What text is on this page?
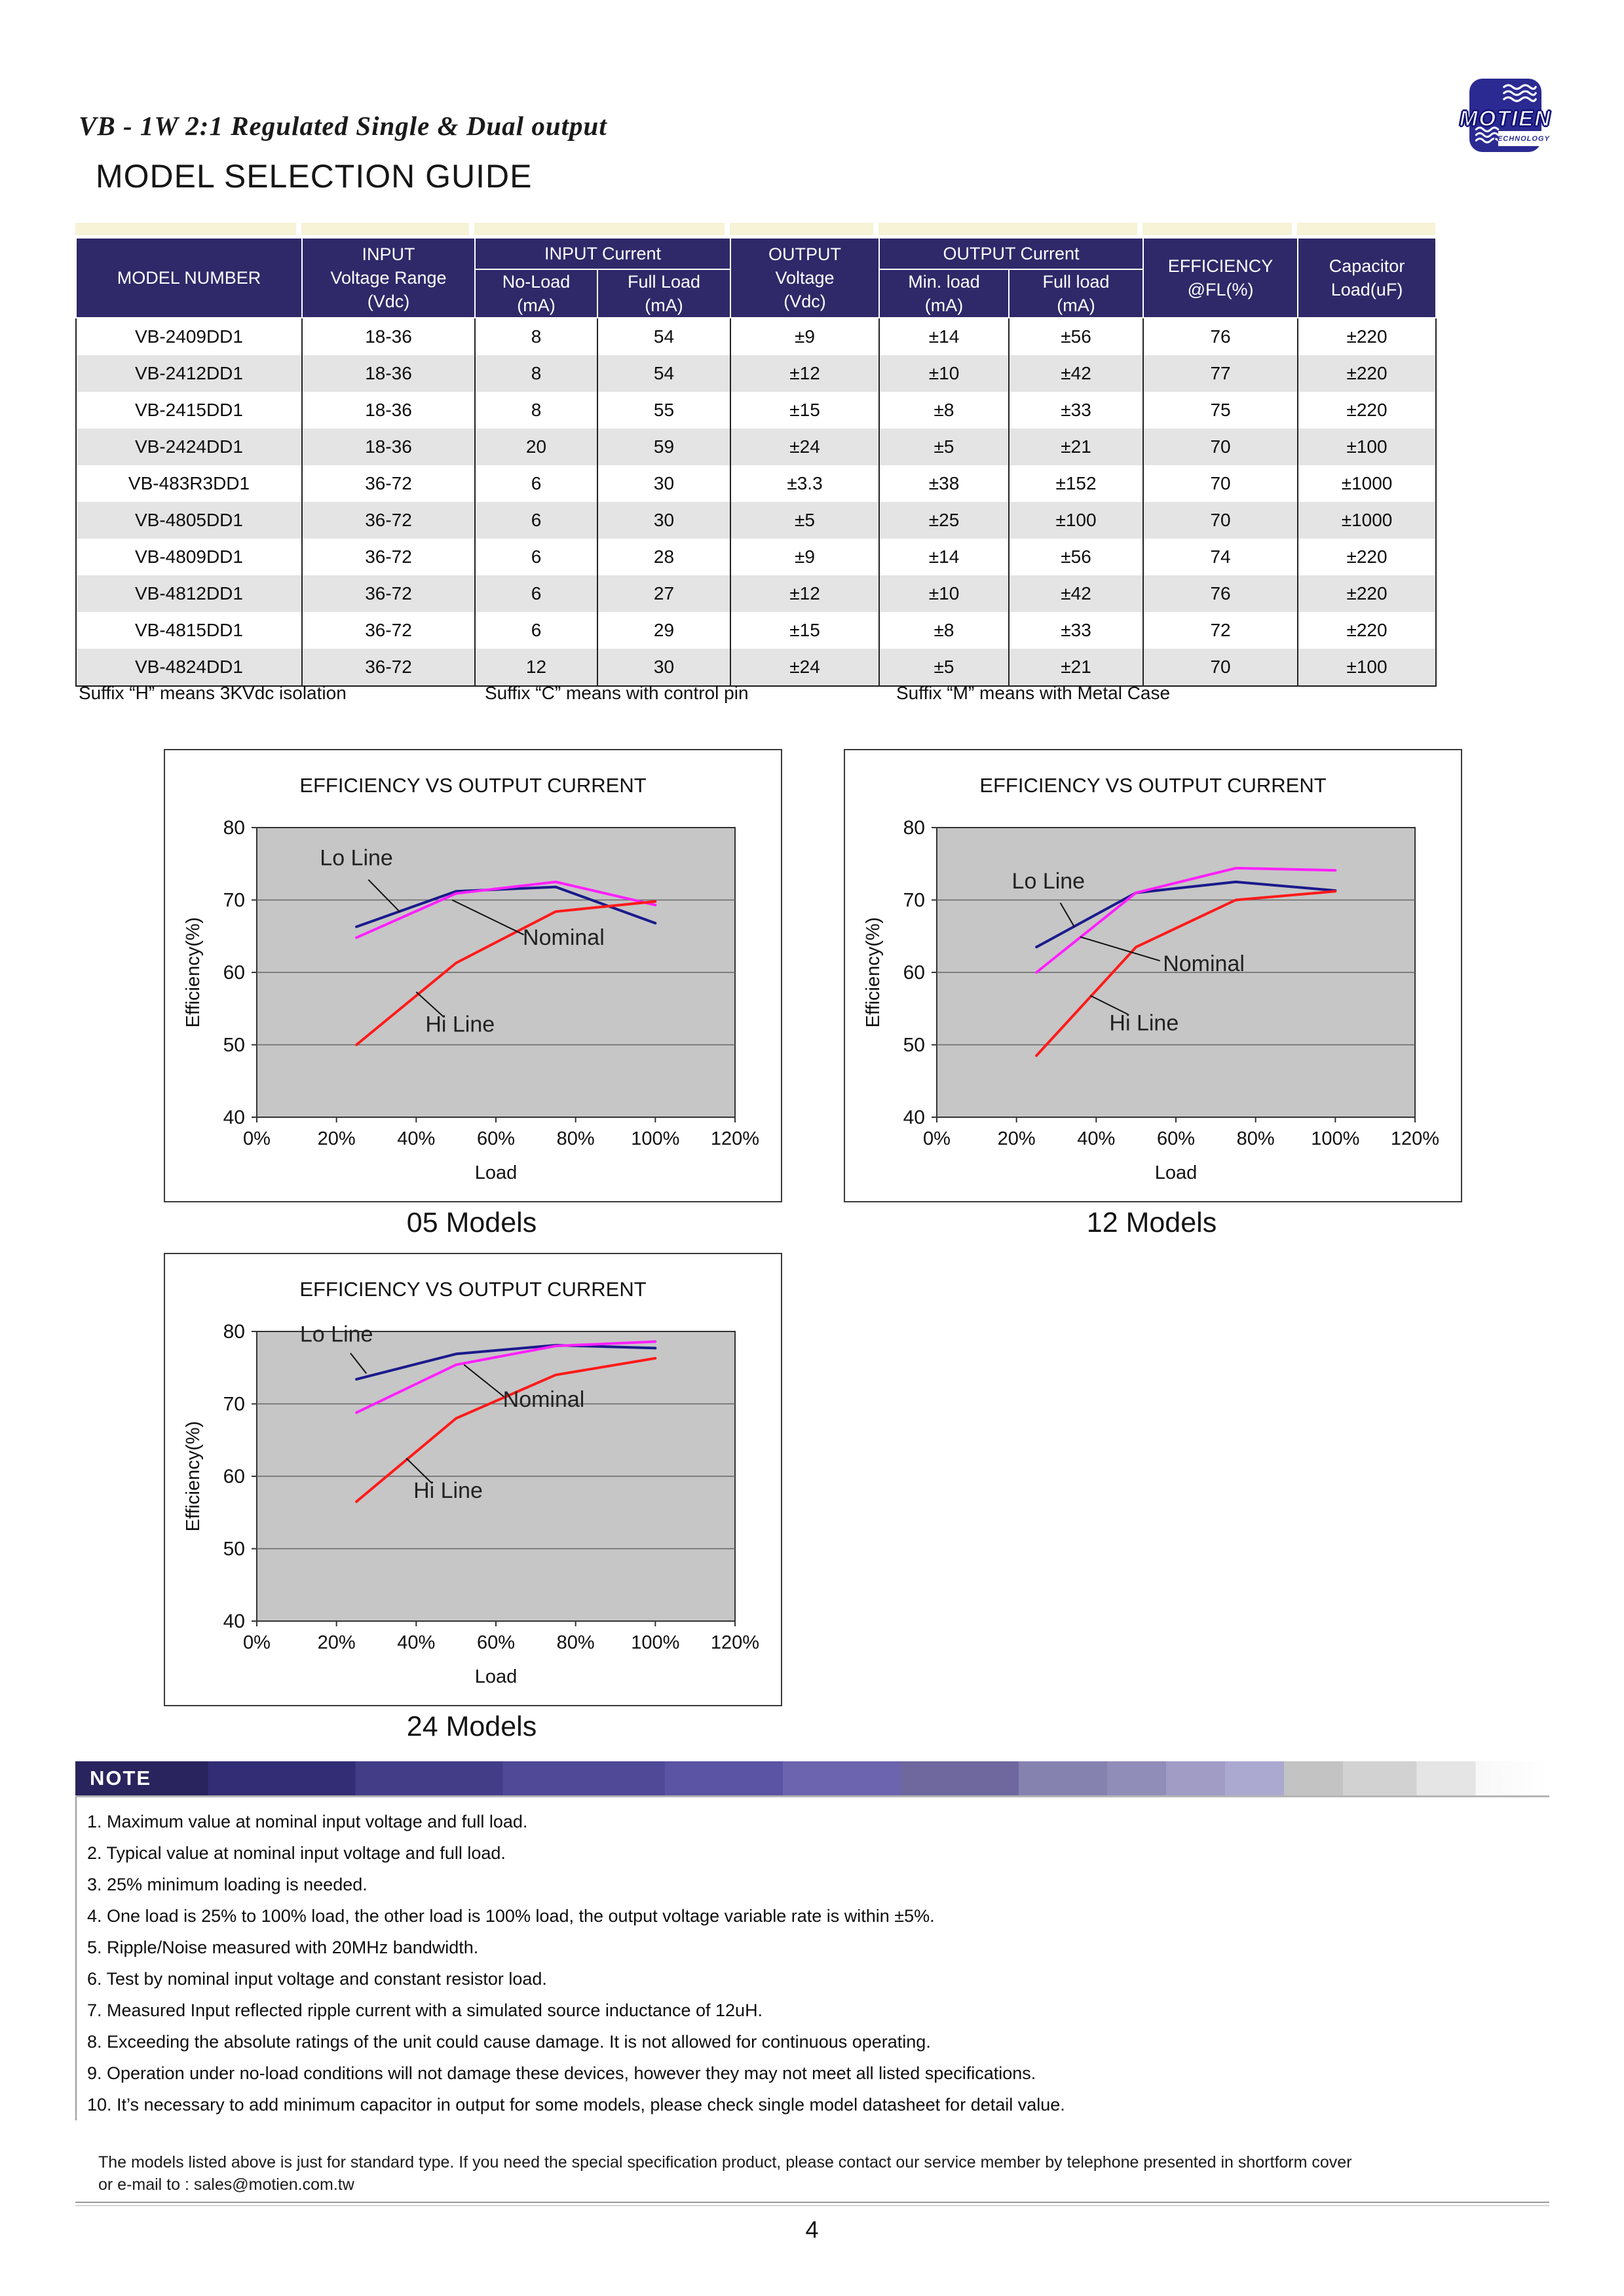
VB - 1W 2:1 Regulated Single & Dual output	TECHNOLOGY
MOTIEN
MODEL SELECTION GUIDE
MODEL NUMBER

INPUT
Voltage Range
(Vdc)
	INPUT Current	OUTPUT
Voltage
(Vdc)
	OUTPUT Current	
EFFICIENCY
@FL(%)

Capacitor
Load(uF)

No-Load
(mA)

Full Load
(mA)

Min. load
(mA)

Full load
(mA)

VB-2409DD1	18-36	8	54	±9	±14	±56	76	±220
VB-2412DD1	18-36	8	54	±12	±10	±42	77	±220
VB-2415DD1	18-36	8	55	±15	±8	±33	75	±220
VB-2424DD1	18-36	20	59	±24	±5	±21	70	±100
VB-483R3DD1	36-72	6	30	±3.3	±38	±152	70	±1000
VB-4805DD1	36-72	6	30	±5	±25	±100	70	±1000
VB-4809DD1	36-72	6	28	±9	±14	±56	74	±220
VB-4812DD1	36-72	6	27	±12	±10	±42	76	±220
VB-4815DD1	36-72	6	29	±15	±8	±33	72	±220
VB-4824DD1	36-72	12	30	±24	±5	±21	70	±100
Suffix “H” means 3KVdc isolation	Suffix “C” means with control pin	Suffix “M” means with Metal Case
EFFICIENCY VS OUTPUT CURRENT
40
50
60
70
80
0% 20% 40% 60% 80% 100% 120%
Load
Efficiency(%)
Lo Line
Nominal
Hi Line
05 Models
EFFICIENCY VS OUTPUT CURRENT
40
50
60
70
80
0% 20% 40% 60% 80% 100% 120%
Load
Efficiency(%)
Lo Line
Nominal
Hi Line
12 Models
EFFICIENCY VS OUTPUT CURRENT
40
50
60
70
80
0% 20% 40% 60% 80% 100% 120%
Load
Efficiency(%)
Lo Line
Nominal
Hi Line
24 Models
NOTE
1. Maximum value at nominal input voltage and full load.
2. Typical value at nominal input voltage and full load.
3. 25% minimum loading is needed.
4. One load is 25% to 100% load, the other load is 100% load, the output voltage variable rate is within ±5%.
5. Ripple/Noise measured with 20MHz bandwidth.
6. Test by nominal input voltage and constant resistor load.
7. Measured Input reflected ripple current with a simulated source inductance of 12uH.
8. Exceeding the absolute ratings of the unit could cause damage. It is not allowed for continuous operating.
9. Operation under no-load conditions will not damage these devices, however they may not meet all listed specifications.
10. It’s necessary to add minimum capacitor in output for some models, please check single model datasheet for detail value.
The models listed above is just for standard type. If you need the special specification product, please contact our service member by telephone presented in shortform cover
or e-mail to : sales@motien.com.tw
4
